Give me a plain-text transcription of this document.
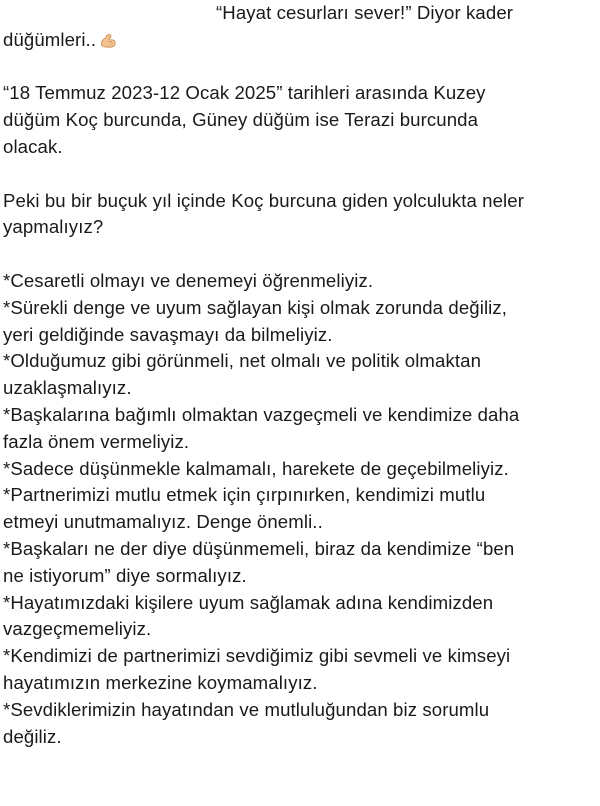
“Hayat cesurları sever!” Diyor kader
düğümleri..
“18 Temmuz 2023-12 Ocak 2025” tarihleri arasında Kuzey
düğüm Koç burcunda, Güney düğüm ise Terazi burcunda
olacak.
Peki bu bir buçuk yıl içinde Koç burcuna giden yolculukta neler
yapmalıyız?
*Cesaretli olmayı ve denemeyi öğrenmeliyiz.
*Sürekli denge ve uyum sağlayan kişi olmak zorunda değiliz,
yeri geldiğinde savaşmayı da bilmeliyiz.
*Olduğumuz gibi görünmeli, net olmalı ve politik olmaktan
uzaklaşmalıyız.
*Başkalarına bağımlı olmaktan vazgeçmeli ve kendimize daha
fazla önem vermeliyiz.
*Sadece düşünmekle kalmamalı, harekete de geçebilmeliyiz.
*Partnerimizi mutlu etmek için çırpınırken, kendimizi mutlu
etmeyi unutmamalıyız. Denge önemli..
*Başkaları ne der diye düşünmemeli, biraz da kendimize “ben
ne istiyorum” diye sormalıyız.
*Hayatımızdaki kişilere uyum sağlamak adına kendimizden
vazgeçmemeliyiz.
*Kendimizi de partnerimizi sevdiğimiz gibi sevmeli ve kimseyi
hayatımızın merkezine koymamalıyız.
*Sevdiklerimizin hayatından ve mutluluğundan biz sorumlu
değiliz.
